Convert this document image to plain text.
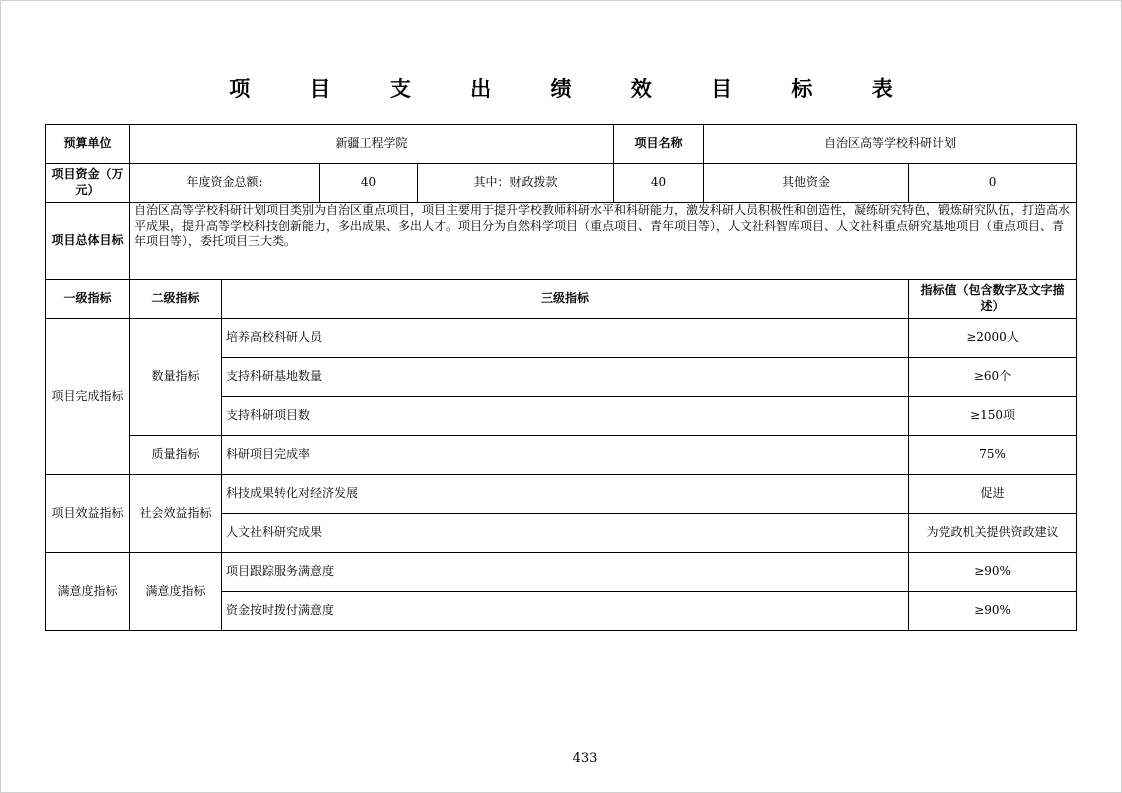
项 目 支 出 绩 效 目 标 表
预算单位	新疆工程学院				项目名称	自治区高等学校科研计划	
项目资金（万元）	年度资金总额:		40	其中：财政拨款	40	其他资金	0
项目总体目标	自治区高等学校科研计划项目类别为自治区重点项目，项目主要用于提升学校教师科研水平和科研能力，激发科研人员积极性和创造性，凝练研究特色，锻炼研究队伍，打造高水平成果，提升高等学校科技创新能力，多出成果、多出人才。项目分为自然科学项目（重点项目、青年项目等），人文社科智库项目、人文社科重点研究基地项目（重点项目、青年项目等），委托项目三大类。						
一级指标	二级指标	三级指标					指标值（包含数字及文字描述）
项目完成指标	数量指标	培养高校科研人员					≥2000人
		支持科研基地数量					≥60个
		支持科研项目数					≥150项
	质量指标	科研项目完成率					75%
项目效益指标	社会效益指标	科技成果转化对经济发展					促进
		人文社科研究成果					为党政机关提供资政建议
满意度指标	满意度指标	项目跟踪服务满意度					≥90%
		资金按时拨付满意度					≥90%
433
